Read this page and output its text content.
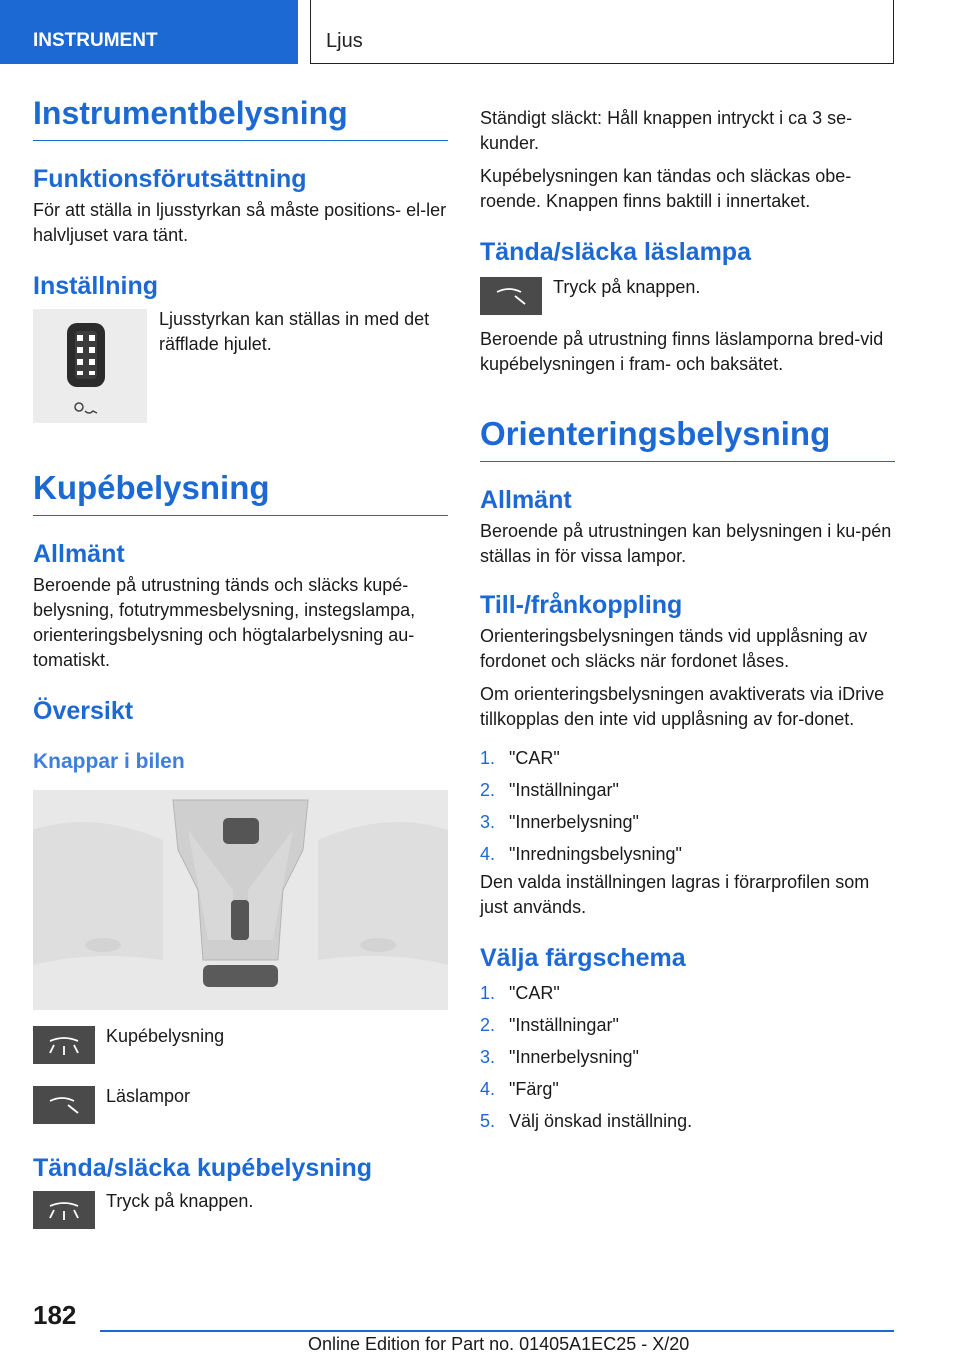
INSTRUMENT	Ljus
Instrumentbelysning
Funktionsförutsättning

För att ställa in ljusstyrkan så måste positions- el-ler halvljuset vara tänt.

Inställning

Ljusstyrkan kan ställas in med det räfflade hjulet.

Kupébelysning
Allmänt

Beroende på utrustning tänds och släcks kupé-belysning, fotutrymmesbelysning, instegslampa, orienteringsbelysning och högtalarbelysning au-tomatiskt.

Översikt
Knappar i bilen
Kupébelysning
Läslampor
Tända/släcka kupébelysning
Tryck på knappen.

Ständigt släckt: Håll knappen intryckt i ca 3 se-kunder.

Kupébelysningen kan tändas och släckas obe-roende. Knappen finns baktill i innertaket.

Tända/släcka läslampa
Tryck på knappen.

Beroende på utrustning finns läslamporna bred-vid kupébelysningen i fram- och baksätet.

Orienteringsbelysning
Allmänt

Beroende på utrustningen kan belysningen i ku-pén ställas in för vissa lampor.

Till-/frånkoppling

Orienteringsbelysningen tänds vid upplåsning av fordonet och släcks när fordonet låses.

Om orienteringsbelysningen avaktiverats via iDrive tillkopplas den inte vid upplåsning av for-donet.

1. "CAR"
2. "Inställningar"
3. "Innerbelysning"
4. "Inredningsbelysning"

Den valda inställningen lagras i förarprofilen som just används.

Välja färgschema
1. "CAR"
2. "Inställningar"
3. "Innerbelysning"
4. "Färg"
5. Välj önskad inställning.
182
Online Edition for Part no. 01405A1EC25 - X/20
